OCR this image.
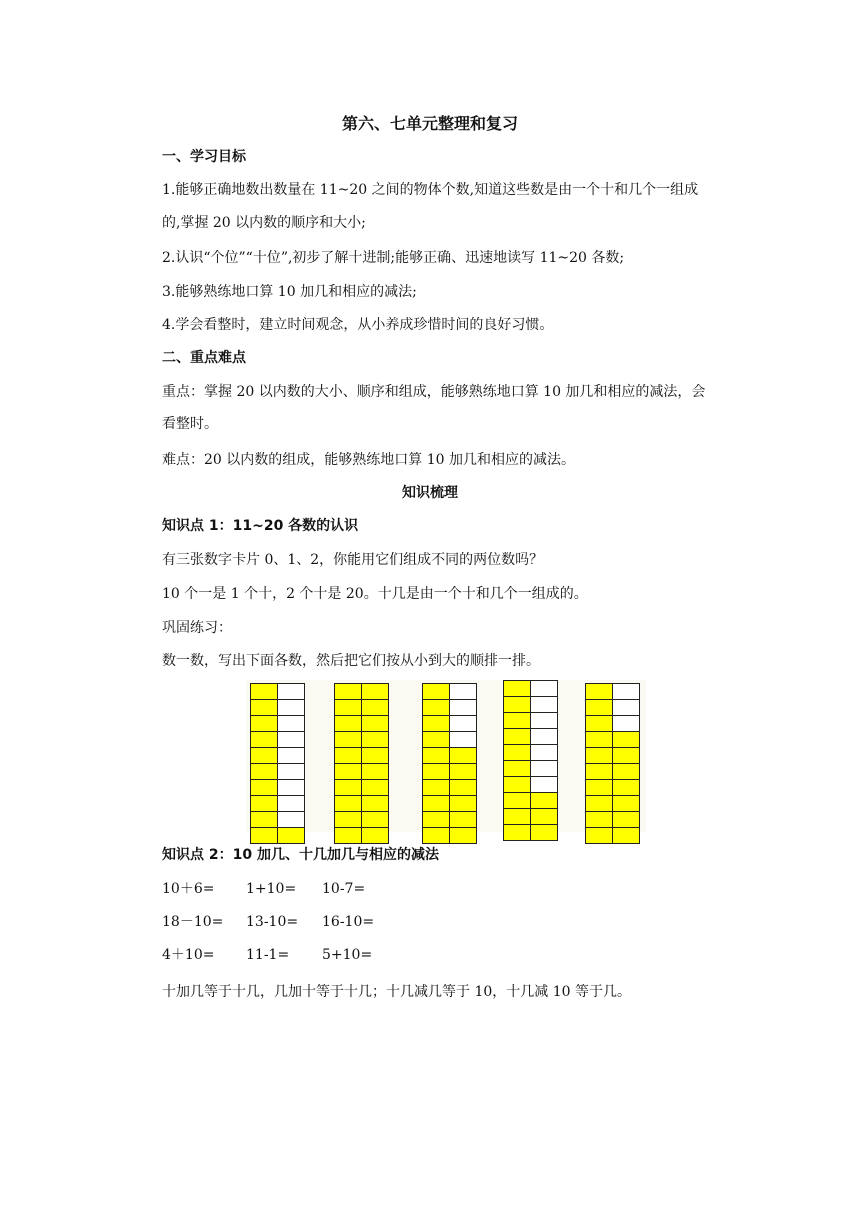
第六、七单元整理和复习
一、学习目标
1.能够正确地数出数量在 11~20 之间的物体个数,知道这些数是由一个十和几个一组成
的,掌握 20 以内数的顺序和大小;
2.认识“个位”“十位”,初步了解十进制;能够正确、迅速地读写 11~20 各数;
3.能够熟练地口算 10 加几和相应的减法;
4.学会看整时，建立时间观念，从小养成珍惜时间的良好习惯。
二、重点难点
重点：掌握 20 以内数的大小、顺序和组成，能够熟练地口算 10 加几和相应的减法，会
看整时。
难点：20 以内数的组成，能够熟练地口算 10 加几和相应的减法。
知识梳理
知识点 1：11~20 各数的认识
有三张数字卡片 0、1、2，你能用它们组成不同的两位数吗？
10 个一是 1 个十，2 个十是 20。十几是由一个十和几个一组成的。
巩固练习：
数一数，写出下面各数，然后把它们按从小到大的顺排一排。
知识点 2：10 加几、十几加几与相应的减法
10＋6= 1+10= 10-7=
18－10= 13-10= 16-10=
4＋10= 11-1= 5+10=
十加几等于十几，几加十等于十几；十几减几等于 10，十几减 10 等于几。
